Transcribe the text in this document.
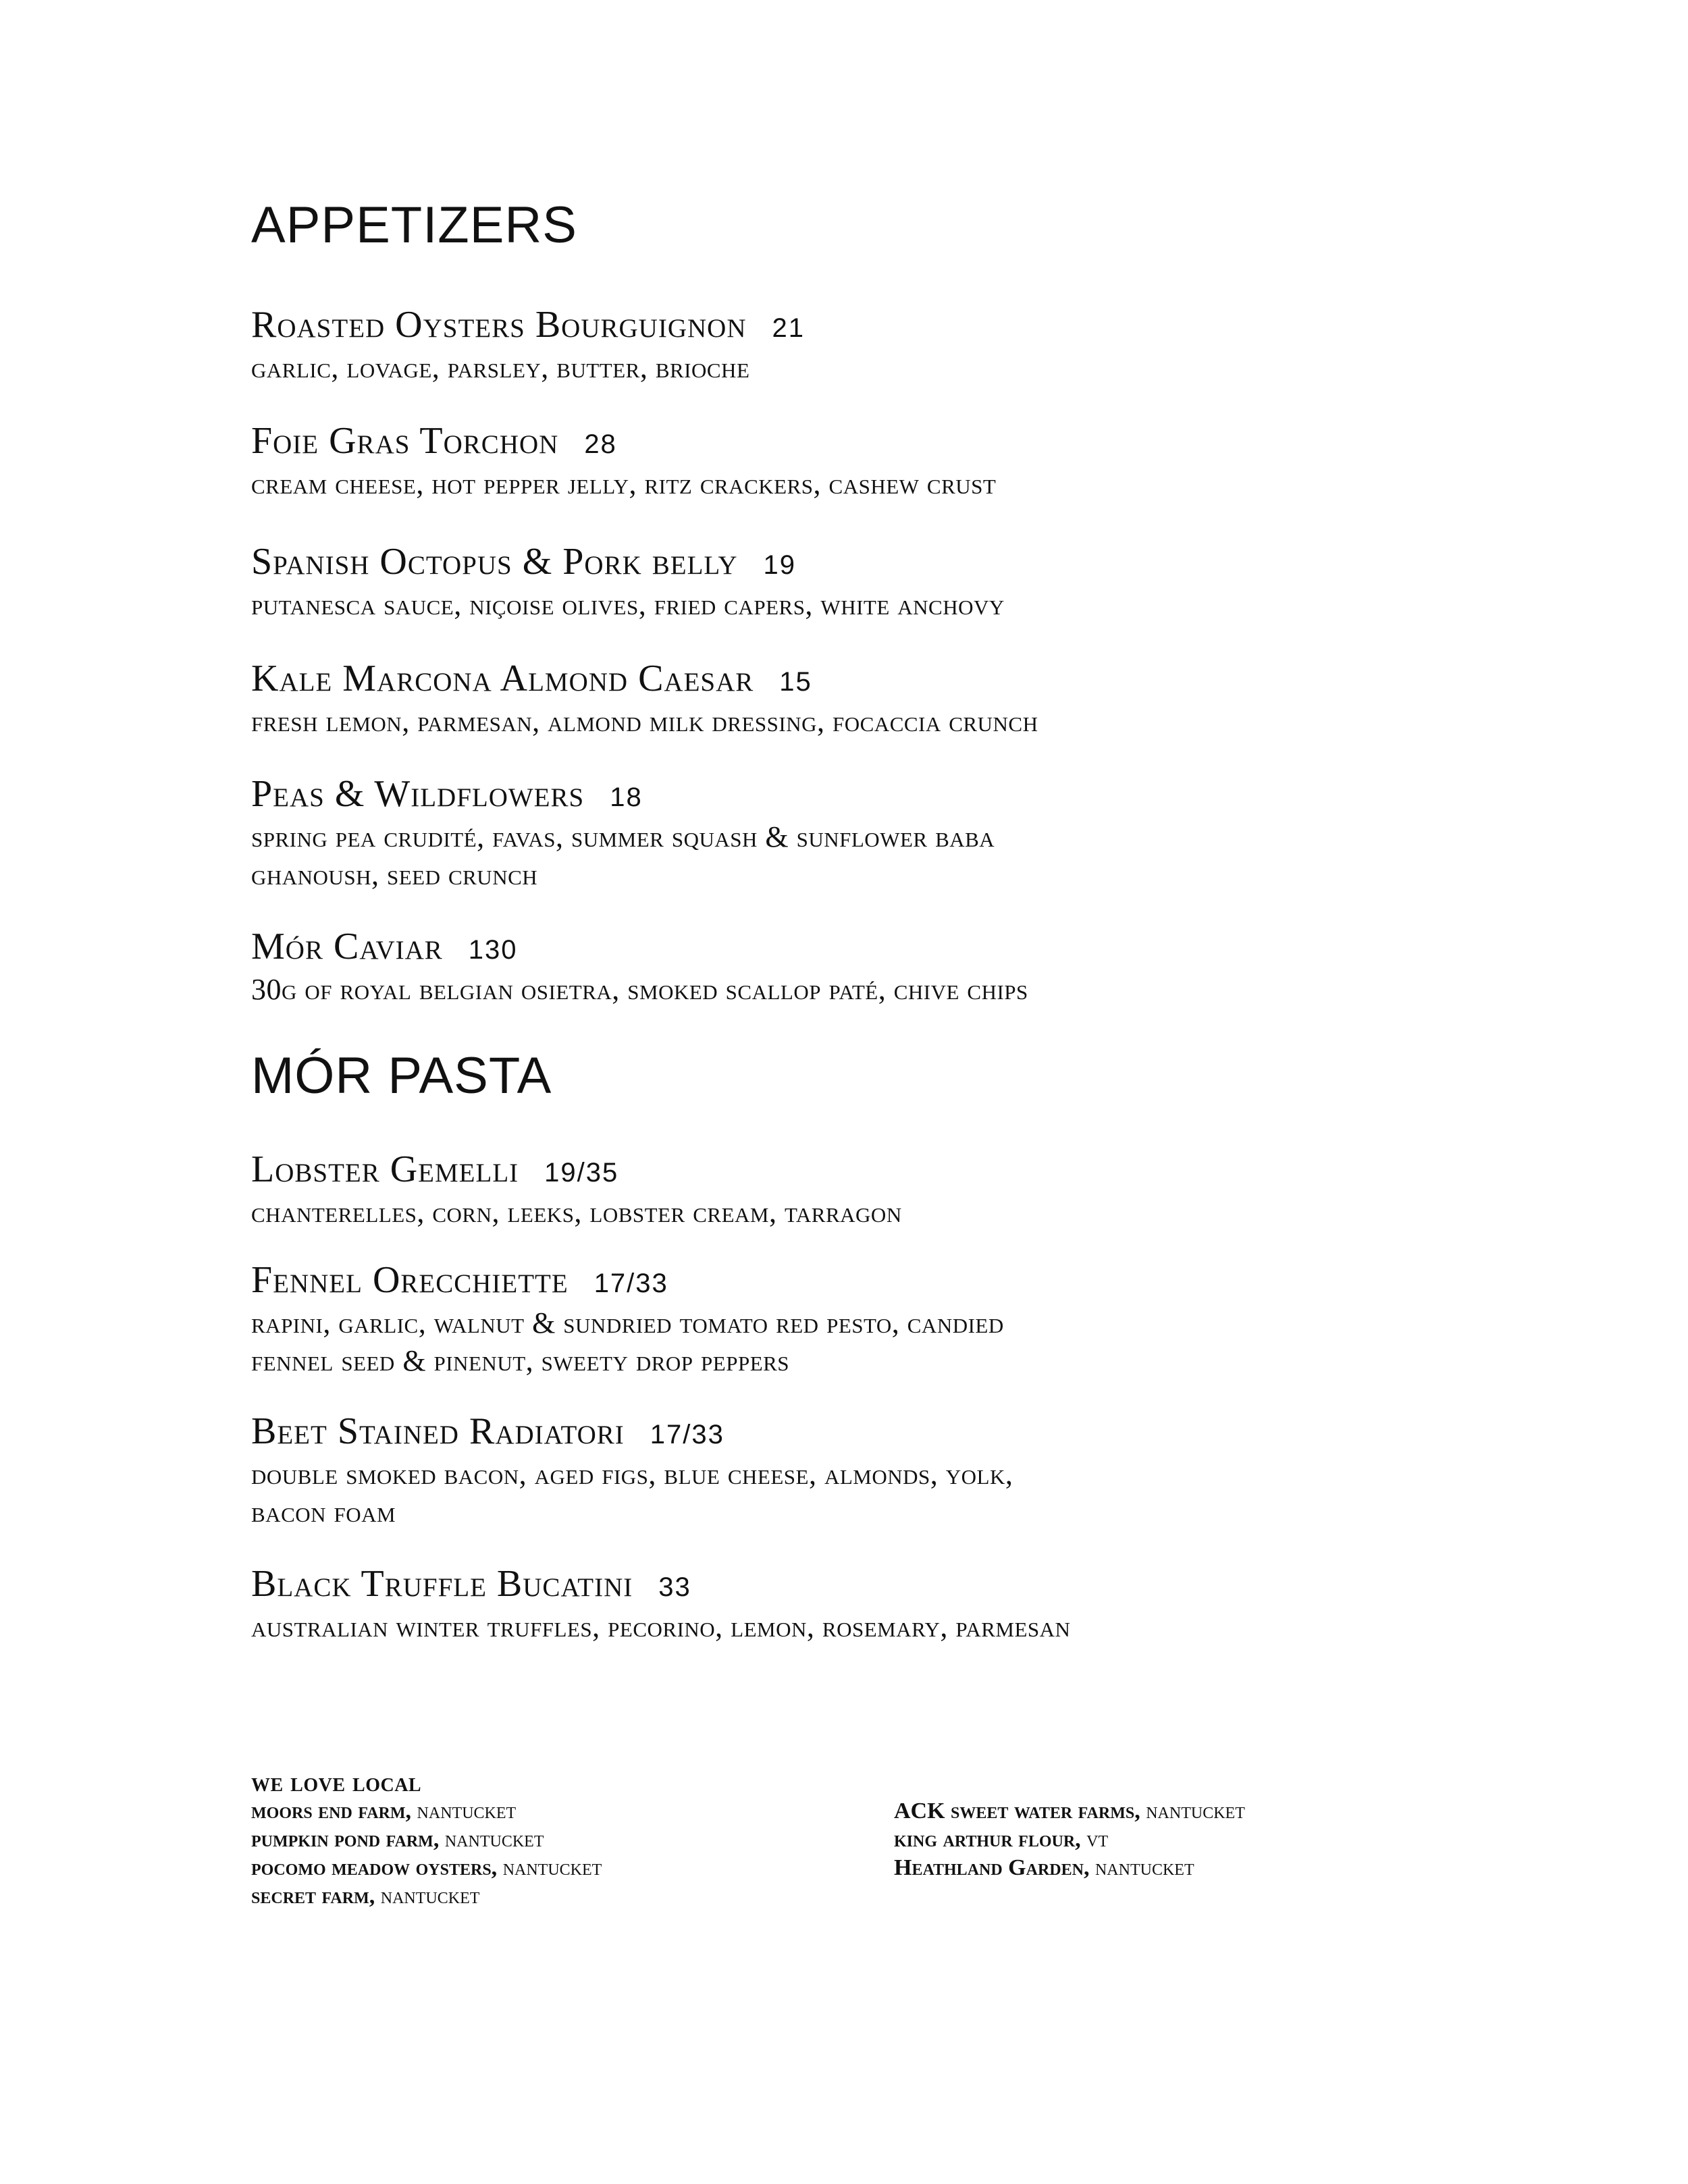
APPETIZERS
Roasted Oysters Bourguignon 21
garlic, lovage, parsley, butter, brioche
Foie Gras Torchon 28
cream cheese, hot pepper jelly, ritz crackers, cashew crust
Spanish Octopus & Pork belly 19
putanesca sauce, niçoise olives, fried capers, white anchovy
Kale Marcona Almond Caesar 15
fresh lemon, parmesan, almond milk dressing, focaccia crunch
Peas & Wildflowers 18
spring pea crudité, favas, summer squash & sunflower baba
ghanoush, seed crunch
Mór Caviar 130
30g of royal belgian osietra, smoked scallop paté, chive chips
MÓR PASTA
Lobster Gemelli 19/35
chanterelles, corn, leeks, lobster cream, tarragon
Fennel Orecchiette 17/33
rapini, garlic, walnut & sundried tomato red pesto, candied
fennel seed & pinenut, sweety drop peppers
Beet Stained Radiatori 17/33
double smoked bacon, aged figs, blue cheese, almonds, yolk,
bacon foam
Black Truffle Bucatini 33
australian winter truffles, pecorino, lemon, rosemary, parmesan
we love local
moors end farm, nantucket
pumpkin pond farm, nantucket
pocomo meadow oysters, nantucket
secret farm, nantucket
ACK sweet water farms, nantucket
king arthur flour, vt
Heathland Garden, nantucket
